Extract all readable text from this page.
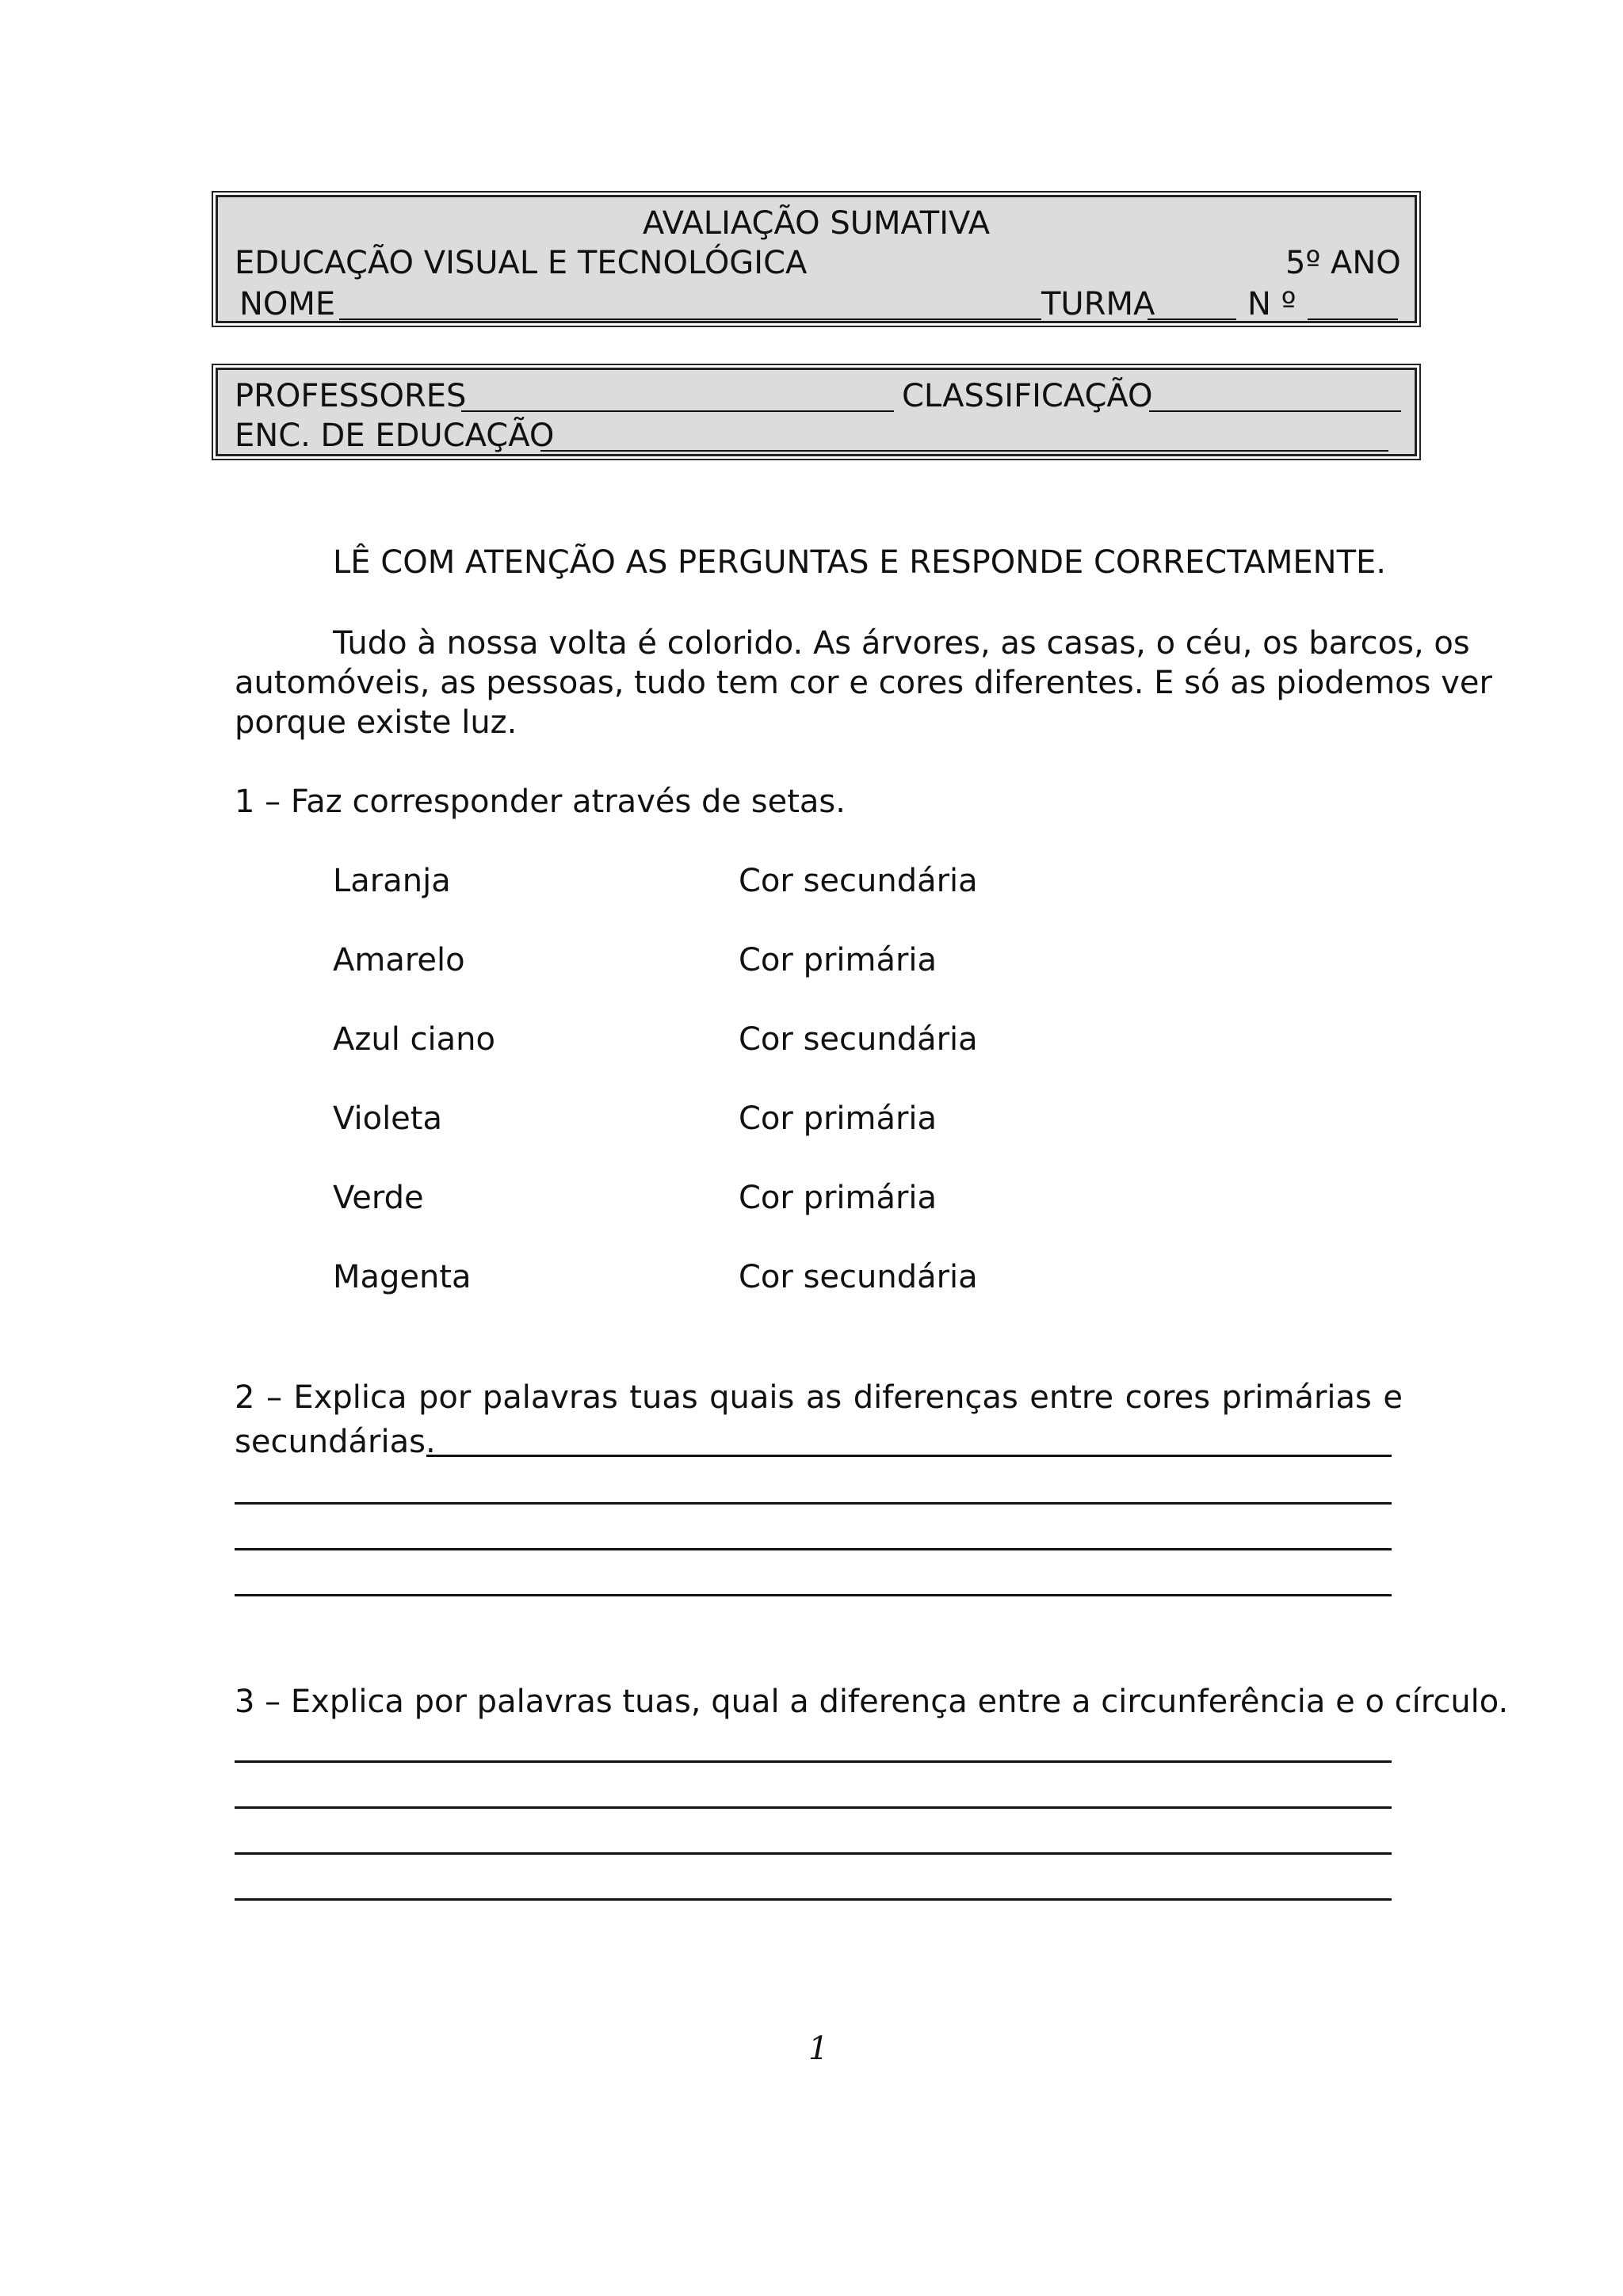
AVALIAÇÃO SUMATIVA
EDUCAÇÃO VISUAL E TECNOLÓGICA	5º ANO
NOME	TURMA	N º
PROFESSORES	CLASSIFICAÇÃO
ENC. DE EDUCAÇÃO
LÊ COM ATENÇÃO AS PERGUNTAS E RESPONDE CORRECTAMENTE.
Tudo à nossa volta é colorido. As árvores, as casas, o céu, os barcos, os
automóveis, as pessoas, tudo tem cor e cores diferentes. E só as piodemos ver
porque existe luz.
1 – Faz corresponder através de setas.
Laranja	Cor secundária
Amarelo	Cor primária
Azul ciano	Cor secundária
Violeta	Cor primária
Verde	Cor primária
Magenta	Cor secundária
2 – Explica por palavras tuas quais as diferenças entre cores primárias e
secundárias.
3 – Explica por palavras tuas, qual a diferença entre a circunferência e o círculo.
1
